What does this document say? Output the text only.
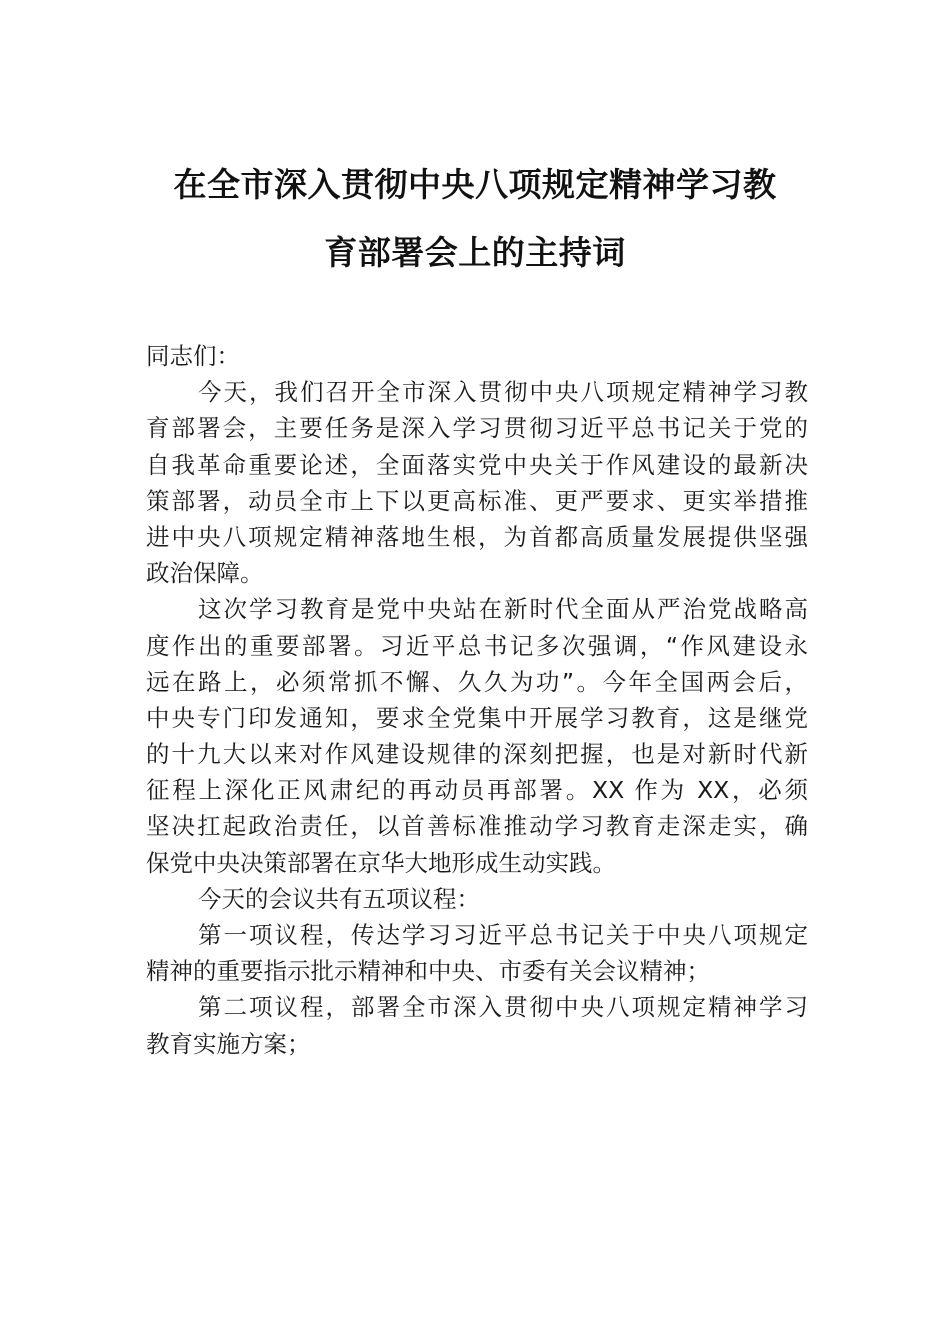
在全市深入贯彻中央八项规定精神学习教
育部署会上的主持词
同志们：
今天，我们召开全市深入贯彻中央八项规定精神学习教
育部署会，主要任务是深入学习贯彻习近平总书记关于党的
自我革命重要论述，全面落实党中央关于作风建设的最新决
策部署，动员全市上下以更高标准、更严要求、更实举措推
进中央八项规定精神落地生根，为首都高质量发展提供坚强
政治保障。
这次学习教育是党中央站在新时代全面从严治党战略高
度作出的重要部署。习近平总书记多次强调，“作风建设永
远在路上，必须常抓不懈、久久为功”。今年全国两会后，
中央专门印发通知，要求全党集中开展学习教育，这是继党
的十九大以来对作风建设规律的深刻把握，也是对新时代新
征程上深化正风肃纪的再动员再部署。XX 作为 XX，必须
坚决扛起政治责任，以首善标准推动学习教育走深走实，确
保党中央决策部署在京华大地形成生动实践。
今天的会议共有五项议程：
第一项议程，传达学习习近平总书记关于中央八项规定
精神的重要指示批示精神和中央、市委有关会议精神；
第二项议程，部署全市深入贯彻中央八项规定精神学习
教育实施方案；
